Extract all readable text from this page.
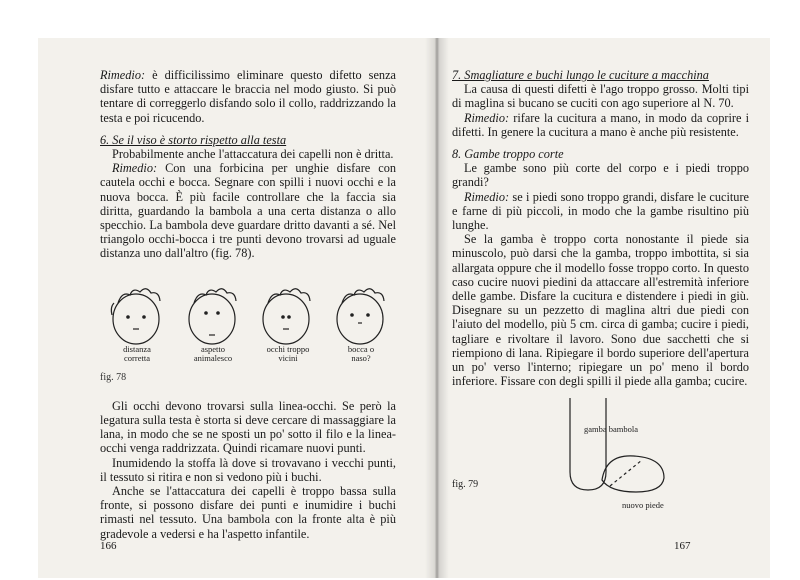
Rimedio: è difficilissimo eliminare questo difetto senza disfare tutto e attaccare le braccia nel modo giusto. Si può tentare di correggerlo disfando solo il collo, raddrizzando la testa e poi ricucendo.

6. Se il viso è storto rispetto alla testa

Probabilmente anche l'attaccatura dei capelli non è dritta.

Rimedio: Con una forbicina per unghie disfare con cautela occhi e bocca. Segnare con spilli i nuovi occhi e la nuova bocca. È più facile controllare che la faccia sia diritta, guardando la bambola a una certa distanza o allo specchio. La bambola deve guardare dritto davanti a sé. Nel triangolo occhi-bocca i tre punti devono trovarsi ad uguale distanza uno dall'altro (fig. 78).

distanza corretta
aspetto animalesco
occhi troppo vicini
bocca o naso?

fig. 78

Gli occhi devono trovarsi sulla linea-occhi. Se però la legatura sulla testa è storta si deve cercare di massaggiare la lana, in modo che se ne sposti un po' sotto il filo e la linea-occhi venga raddrizzata. Quindi ricamare nuovi punti.

Inumidendo la stoffa là dove si trovavano i vecchi punti, il tessuto si ritira e non si vedono più i buchi.

Anche se l'attaccatura dei capelli è troppo bassa sulla fronte, si possono disfare dei punti e inumidire i buchi rimasti nel tessuto. Una bambola con la fronte alta è più gradevole a vedersi e ha l'aspetto infantile.

166

7. Smagliature e buchi lungo le cuciture a macchina

La causa di questi difetti è l'ago troppo grosso. Molti tipi di maglina si bucano se cuciti con ago superiore al N. 70.

Rimedio: rifare la cucitura a mano, in modo da coprire i difetti. In genere la cucitura a mano è anche più resistente.

8. Gambe troppo corte

Le gambe sono più corte del corpo e i piedi troppo grandi?

Rimedio: se i piedi sono troppo grandi, disfare le cuciture e farne di più piccoli, in modo che la gambe risultino più lunghe.

Se la gamba è troppo corta nonostante il piede sia minuscolo, può darsi che la gamba, troppo imbottita, si sia allargata oppure che il modello fosse troppo corto. In questo caso cucire nuovi piedini da attaccare all'estremità inferiore delle gambe. Disfare la cucitura e distendere i piedi in giù. Disegnare su un pezzetto di maglina altri due piedi con l'aiuto del modello, più 5 cm. circa di gamba; cucire i piedi, tagliare e rivoltare il lavoro. Sono due sacchetti che si riempiono di lana. Ripiegare il bordo superiore dell'apertura un po' verso l'interno; ripiegare un po' meno il bordo inferiore. Fissare con degli spilli il piede alla gamba; cucire.

gamba bambola
nuovo piede
fig. 79
167
